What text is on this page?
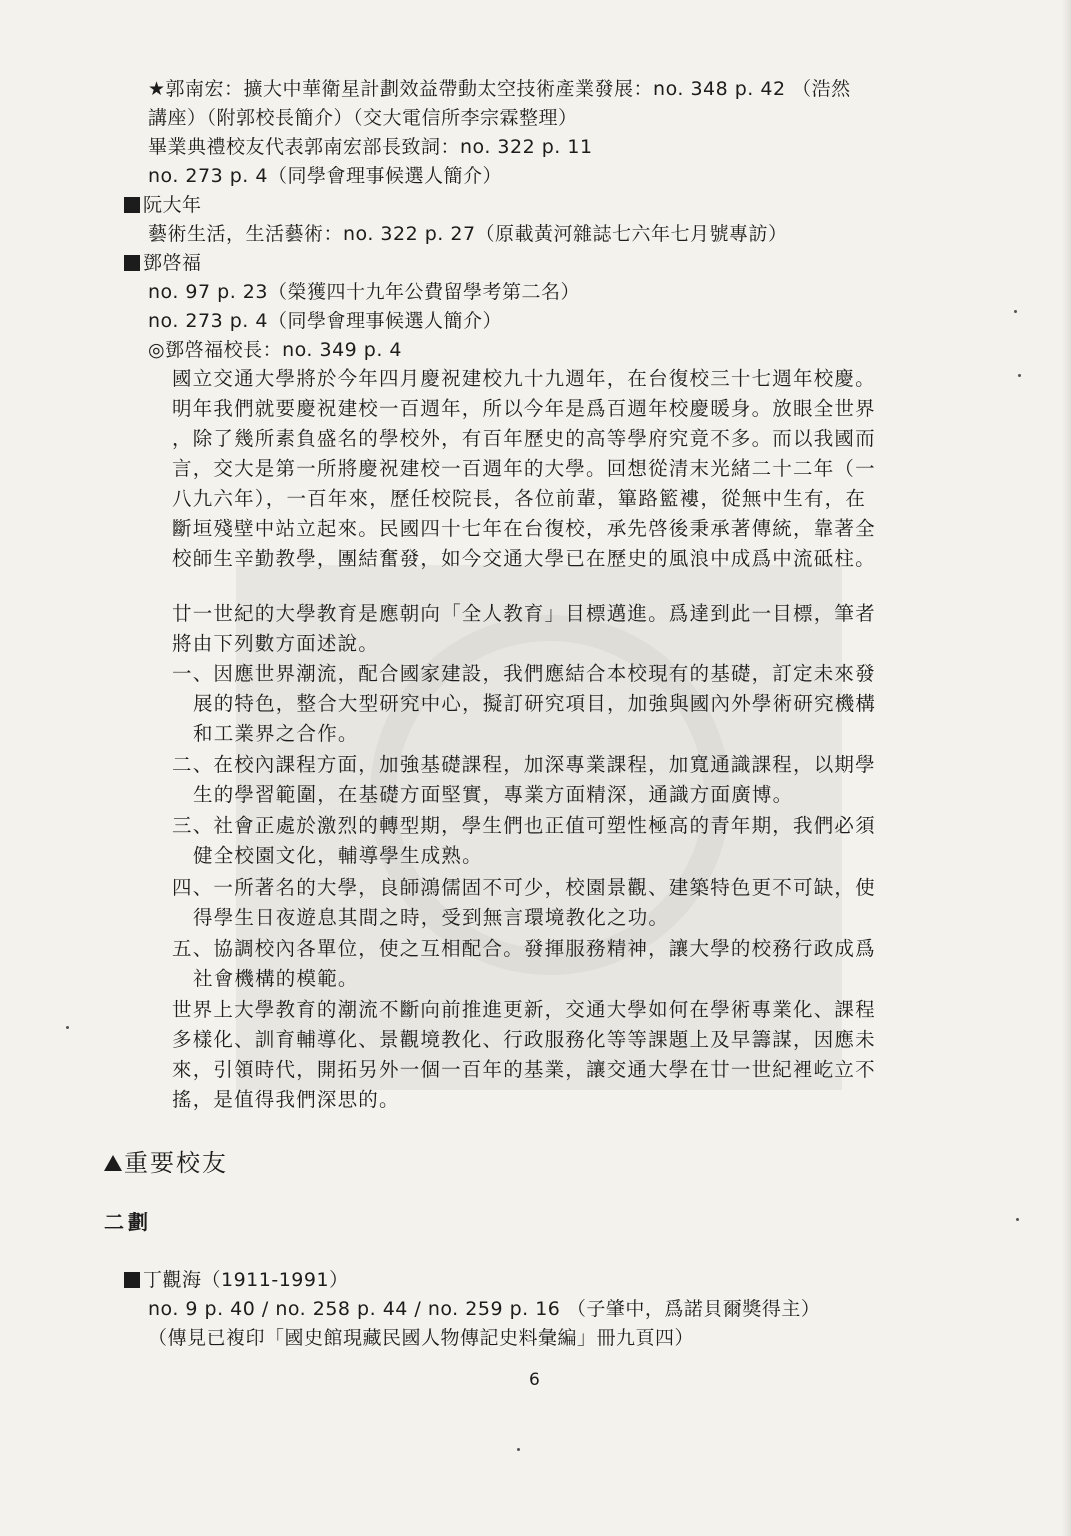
★郭南宏：擴大中華衛星計劃效益帶動太空技術產業發展：no. 348 p. 42 （浩然
講座）（附郭校長簡介）（交大電信所李宗霖整理）
畢業典禮校友代表郭南宏部長致詞：no. 322 p. 11
no. 273 p. 4（同學會理事候選人簡介）
阮大年
藝術生活，生活藝術：no. 322 p. 27（原載黃河雜誌七六年七月號專訪）
鄧啓福
no. 97 p. 23（榮獲四十九年公費留學考第二名）
no. 273 p. 4（同學會理事候選人簡介）
◎鄧啓福校長：no. 349 p. 4
國立交通大學將於今年四月慶祝建校九十九週年，在台復校三十七週年校慶。
明年我們就要慶祝建校一百週年，所以今年是爲百週年校慶暖身。放眼全世界
，除了幾所素負盛名的學校外，有百年歷史的高等學府究竟不多。而以我國而
言，交大是第一所將慶祝建校一百週年的大學。回想從清末光緒二十二年（一
八九六年），一百年來，歷任校院長，各位前輩，篳路籃褸，從無中生有，在
斷垣殘壁中站立起來。民國四十七年在台復校，承先啓後秉承著傳統，靠著全
校師生辛勤教學，團結奮發，如今交通大學已在歷史的風浪中成爲中流砥柱。
廿一世紀的大學教育是應朝向「全人教育」目標邁進。爲達到此一目標，筆者
將由下列數方面述說。
一、因應世界潮流，配合國家建設，我們應結合本校現有的基礎，訂定未來發
展的特色，整合大型研究中心，擬訂研究項目，加強與國內外學術研究機構
和工業界之合作。
二、在校內課程方面，加強基礎課程，加深專業課程，加寬通識課程，以期學
生的學習範圍，在基礎方面堅實，專業方面精深，通識方面廣博。
三、社會正處於激烈的轉型期，學生們也正值可塑性極高的青年期，我們必須
健全校園文化，輔導學生成熟。
四、一所著名的大學，良師鴻儒固不可少，校園景觀、建築特色更不可缺，使
得學生日夜遊息其間之時，受到無言環境教化之功。
五、協調校內各單位，使之互相配合。發揮服務精神，讓大學的校務行政成爲
社會機構的模範。
世界上大學教育的潮流不斷向前推進更新，交通大學如何在學術專業化、課程
多樣化、訓育輔導化、景觀境教化、行政服務化等等課題上及早籌謀，因應未
來，引領時代，開拓另外一個一百年的基業，讓交通大學在廿一世紀裡屹立不
搖，是值得我們深思的。
重要校友
二劃
丁觀海（1911-1991）
no. 9 p. 40 / no. 258 p. 44 / no. 259 p. 16 （子肇中，爲諾貝爾獎得主）
（傳見已複印「國史館現藏民國人物傳記史料彙編」冊九頁四）
6
